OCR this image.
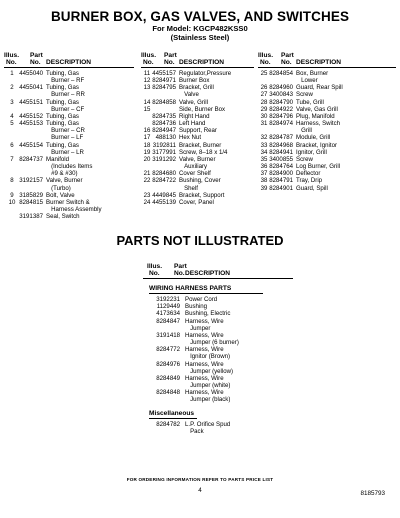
BURNER BOX, GAS VALVES, AND SWITCHES
For Model: KGCP482KSS0
(Stainless Steel)
Illus.
No.
Part
No. DESCRIPTION
1 4455040 Tubing, Gas
Burner – RF
2 4455041 Tubing, Gas
Burner – RR
3 4455151 Tubing, Gas
Burner – CF
4 4455152 Tubing, Gas
5 4455153 Tubing, Gas
Burner – CR
Burner – LF
6 4455154 Tubing, Gas
Burner – LR
7 8284737 Manifold
(Includes Items
#9 & #30)
8 3192157 Valve, Burner
(Turbo)
9 3185829 Bolt, Valve
10 8284815 Burner Switch &
Harness Assembly
3191387 Seal, Switch
Illus.
No.
Part
No. DESCRIPTION
11 4455157 Regulator,Pressure
12 8284971 Burner Box
13 8284795 Bracket, Grill
Valve
14 8284858 Valve, Grill
15	Side, Burner Box
8284735 Right Hand
8284736 Left Hand
16 8284947 Support, Rear
17 488130 Hex Nut
18 3192811 Bracket, Burner
19 3177991 Screw, 8–18 x 1/4
20 3191292 Valve, Burner
Auxiliary
21 8284680 Cover Shelf
22 8284722 Bushing, Cover
Shelf
23 4449845 Bracket, Support
24 4455139 Cover, Panel
Illus.
No.
Part
No. DESCRIPTION
25 8284854 Box, Burner
Lower
26 8284960 Guard, Rear Spill
27 3400843 Screw
28 8284790 Tube, Grill
29 8284922 Valve, Gas Grill
30 8284796 Plug, Manifold
31 8284974 Harness, Switch
Grill
32 8284787 Module, Grill
33 8284968 Bracket, Ignitor
34 8284941 Ignitor, Grill
35 3400855 Screw
36 8284764 Log Burner, Grill
37 8284900 Deflector
38 8284791 Tray, Drip
39 8284901 Guard, Spill
PARTS NOT ILLUSTRATED
Illus.
No.
Part
No. DESCRIPTION
WIRING HARNESS PARTS
3192231 Power Cord
1129449 Bushing
4173634 Bushing, Electric
8284847 Harness, Wire
Jumper
3191418 Harness, Wire
Jumper (6 burner)
8284772 Harness, Wire
Ignitor (Brown)
8284976 Harness, Wire
Jumper (yellow)
8284849 Harness, Wire
Jumper (white)
8284848 Harness, Wire
Jumper (black)
Miscellaneous
8284782 L.P. Orifice Spud
Pack
FOR ORDERING INFORMATION REFER TO PARTS PRICE LIST
4	8185793
